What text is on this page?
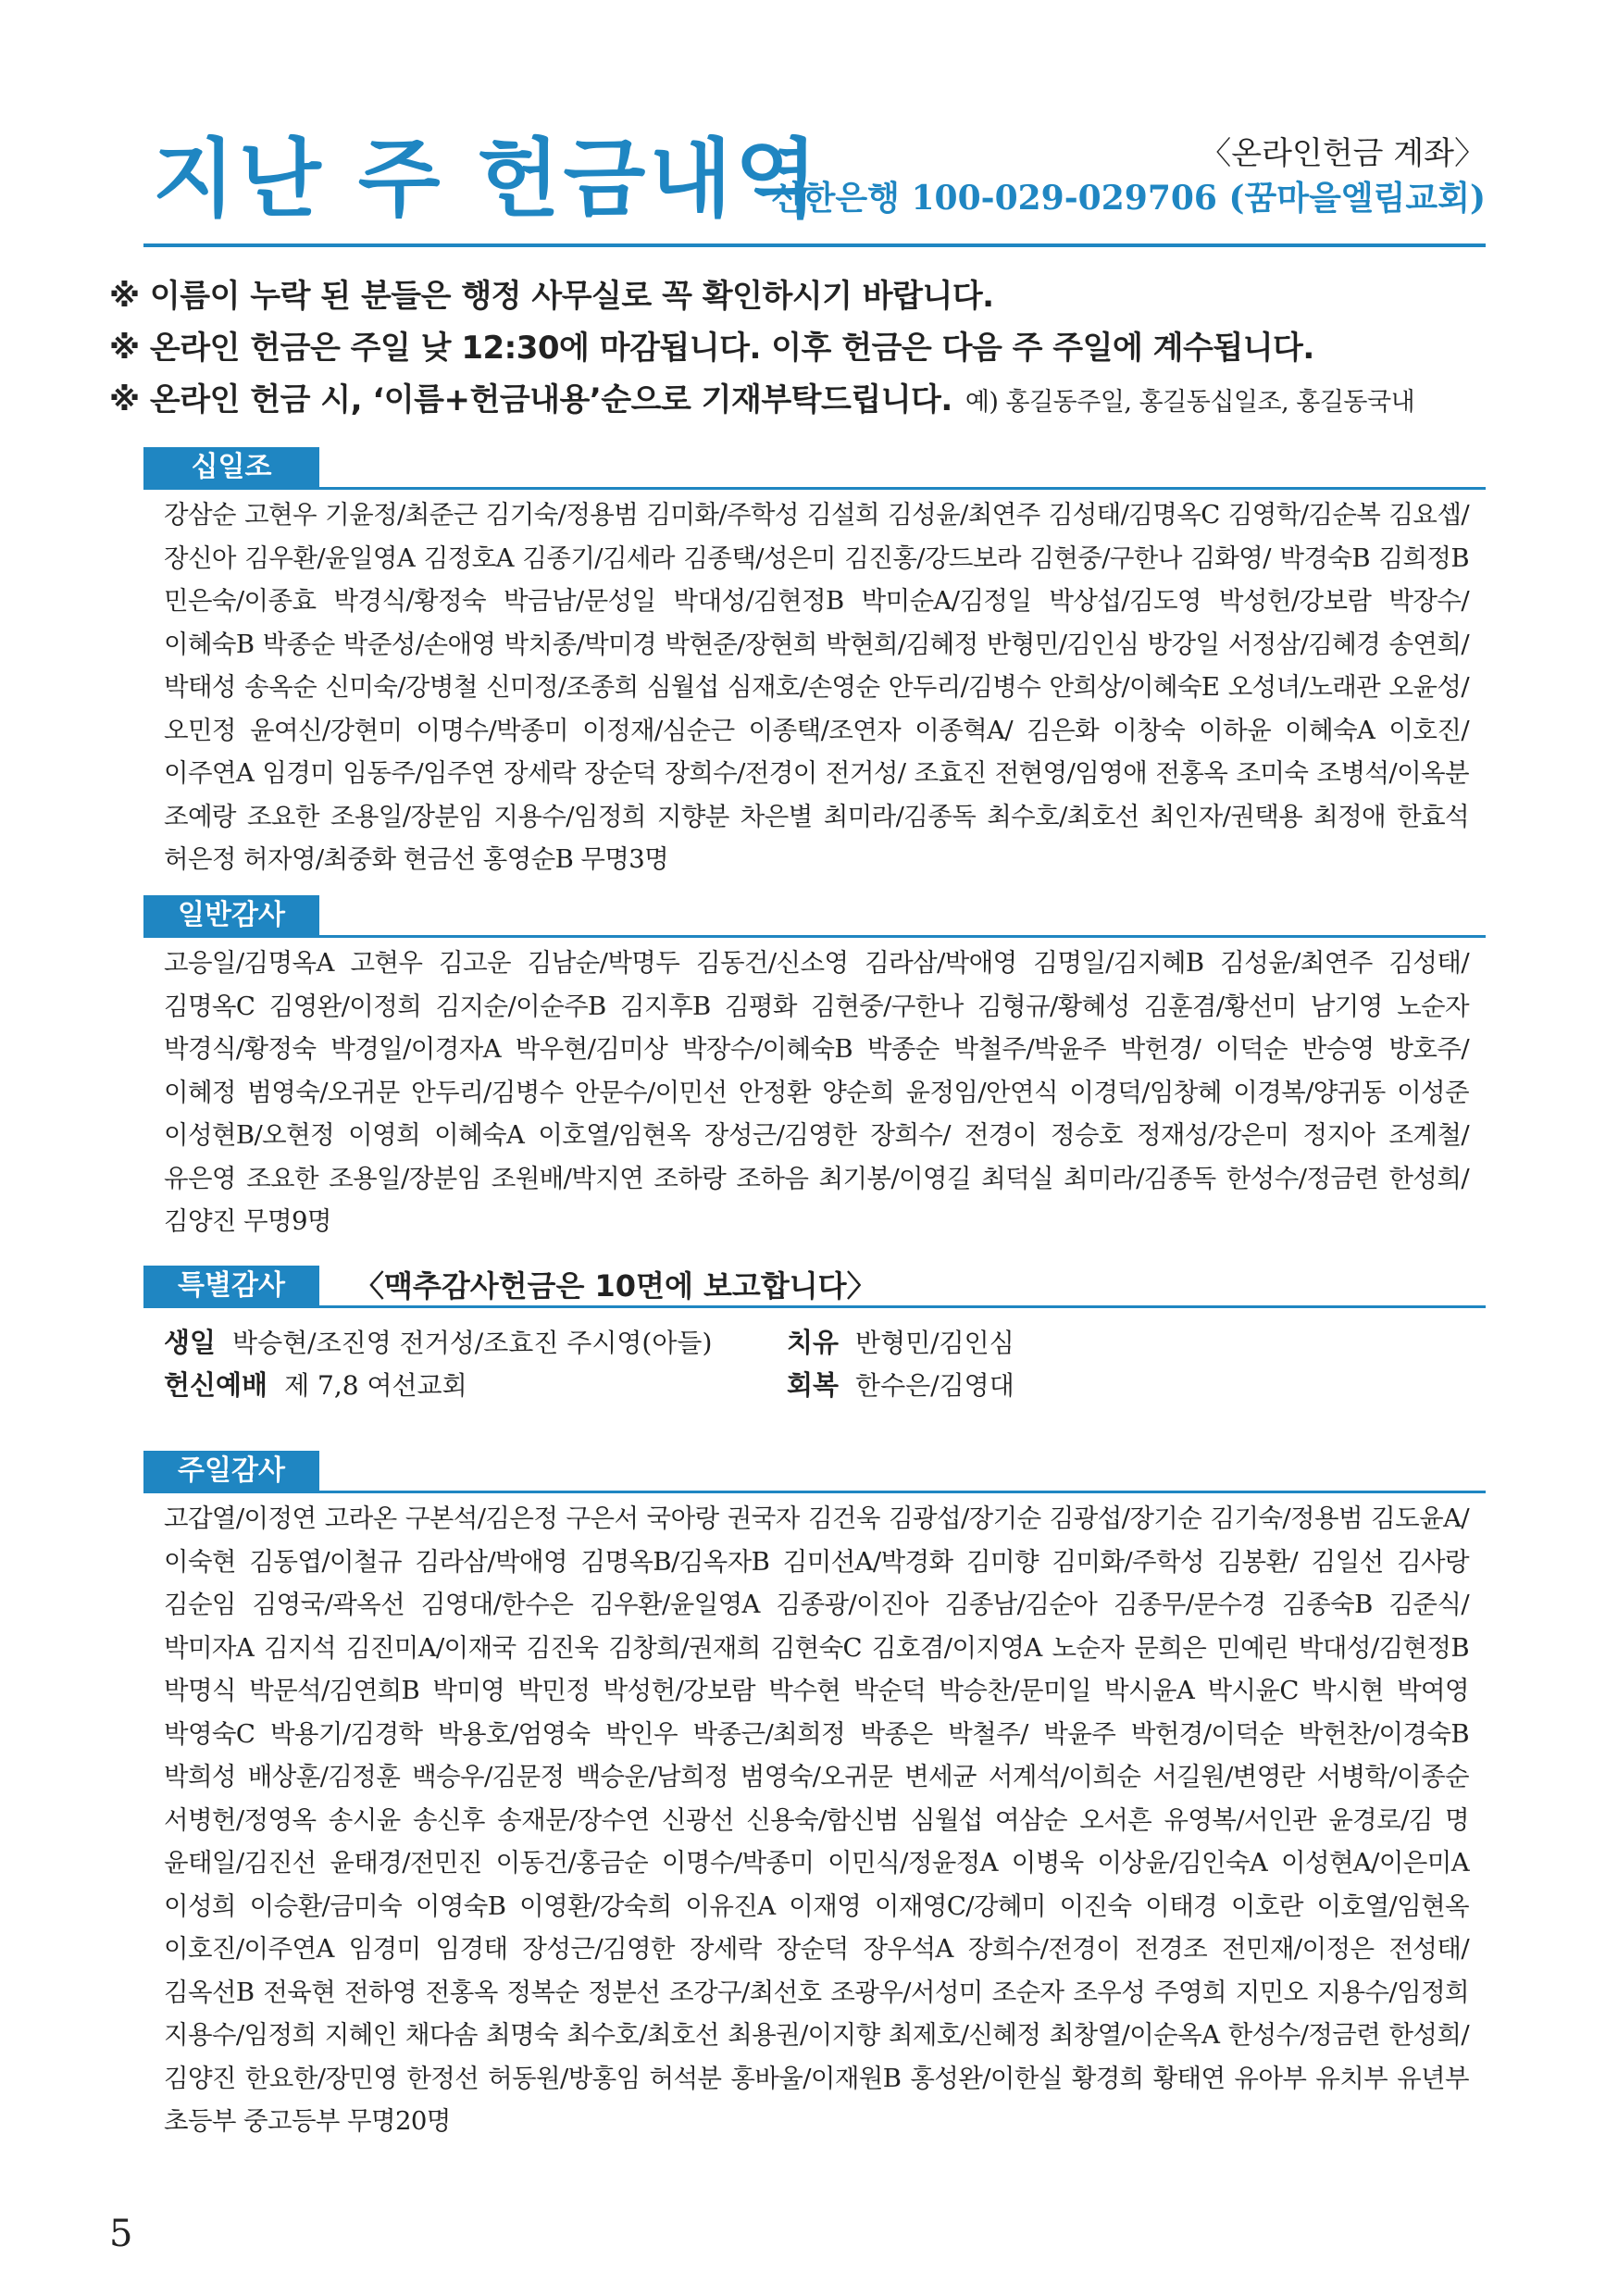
지난 주 헌금내역	〈온라인헌금 계좌〉
신한은행 100-029-029706 (꿈마을엘림교회)
※ 이름이 누락 된 분들은 행정 사무실로 꼭 확인하시기 바랍니다.
※ 온라인 헌금은 주일 낮 12:30에 마감됩니다. 이후 헌금은 다음 주 주일에 계수됩니다.
※ 온라인 헌금 시, ‘이름+헌금내용’순으로 기재부탁드립니다. 예) 홍길동주일, 홍길동십일조, 홍길동국내
십일조
강삼순 고현우 기윤정/최준근 김기숙/정용범 김미화/주학성 김설희 김성윤/최연주 김성태/김명옥C 김영학/김순복 김요셉/장신아 김우환/윤일영A 김정호A 김종기/김세라 김종택/성은미 김진홍/강드보라 김현중/구한나 김화영/ 박경숙B 김희정B 민은숙/이종효 박경식/황정숙 박금남/문성일 박대성/김현정B 박미순A/김정일 박상섭/김도영 박성헌/강보람 박장수/이혜숙B 박종순 박준성/손애영 박치종/박미경 박현준/장현희 박현희/김혜정 반형민/김인심 방강일 서정삼/김혜경 송연희/박태성 송옥순 신미숙/강병철 신미정/조종희 심월섭 심재호/손영순 안두리/김병수 안희상/이혜숙E 오성녀/노래관 오윤성/오민정 윤여신/강현미 이명수/박종미 이정재/심순근 이종택/조연자 이종혁A/ 김은화 이창숙 이하윤 이혜숙A 이호진/이주연A 임경미 임동주/임주연 장세락 장순덕 장희수/전경이 전거성/ 조효진 전현영/임영애 전홍옥 조미숙 조병석/이옥분 조예랑 조요한 조용일/장분임 지용수/임정희 지향분 차은별 최미라/김종독 최수호/최호선 최인자/권택용 최정애 한효석 허은정 허자영/최중화 현금선 홍영순B 무명3명
일반감사
고응일/김명옥A 고현우 김고운 김남순/박명두 김동건/신소영 김라삼/박애영 김명일/김지혜B 김성윤/최연주 김성태/김명옥C 김영완/이정희 김지순/이순주B 김지후B 김평화 김현중/구한나 김형규/황혜성 김훈겸/황선미 남기영 노순자 박경식/황정숙 박경일/이경자A 박우현/김미상 박장수/이혜숙B 박종순 박철주/박윤주 박헌경/ 이덕순 반승영 방호주/이혜정 범영숙/오귀문 안두리/김병수 안문수/이민선 안정환 양순희 윤정임/안연식 이경덕/임창혜 이경복/양귀동 이성준 이성현B/오현정 이영희 이혜숙A 이호열/임현옥 장성근/김영한 장희수/ 전경이 정승호 정재성/강은미 정지아 조계철/유은영 조요한 조용일/장분임 조원배/박지연 조하랑 조하음 최기봉/이영길 최덕실 최미라/김종독 한성수/정금련 한성희/김양진 무명9명
특별감사	〈맥추감사헌금은 10면에 보고합니다〉
생일 박승현/조진영 전거성/조효진 주시영(아들)	치유 반형민/김인심
헌신예배 제 7,8 여선교회	회복 한수은/김영대
주일감사
고갑열/이정연 고라온 구본석/김은정 구은서 국아랑 권국자 김건욱 김광섭/장기순 김광섭/장기순 김기숙/정용범 김도윤A/이숙현 김동엽/이철규 김라삼/박애영 김명옥B/김옥자B 김미선A/박경화 김미향 김미화/주학성 김봉환/ 김일선 김사랑 김순임 김영국/곽옥선 김영대/한수은 김우환/윤일영A 김종광/이진아 김종남/김순아 김종무/문수경 김종숙B 김준식/박미자A 김지석 김진미A/이재국 김진욱 김창희/권재희 김현숙C 김호겸/이지영A 노순자 문희은 민예린 박대성/김현정B 박명식 박문석/김연희B 박미영 박민정 박성헌/강보람 박수현 박순덕 박승찬/문미일 박시윤A 박시윤C 박시현 박여영 박영숙C 박용기/김경학 박용호/엄영숙 박인우 박종근/최희정 박종은 박철주/ 박윤주 박헌경/이덕순 박헌찬/이경숙B 박희성 배상훈/김정훈 백승우/김문정 백승운/남희정 범영숙/오귀문 변세균 서계석/이희순 서길원/변영란 서병학/이종순 서병헌/정영옥 송시윤 송신후 송재문/장수연 신광선 신용숙/함신범 심월섭 여삼순 오서흔 유영복/서인관 윤경로/김 명 윤태일/김진선 윤태경/전민진 이동건/홍금순 이명수/박종미 이민식/정윤정A 이병욱 이상윤/김인숙A 이성현A/이은미A 이성희 이승환/금미숙 이영숙B 이영환/강숙희 이유진A 이재영 이재영C/강혜미 이진숙 이태경 이호란 이호열/임현옥 이호진/이주연A 임경미 임경태 장성근/김영한 장세락 장순덕 장우석A 장희수/전경이 전경조 전민재/이정은 전성태/김옥선B 전육현 전하영 전홍옥 정복순 정분선 조강구/최선호 조광우/서성미 조순자 조우성 주영희 지민오 지용수/임정희 지용수/임정희 지혜인 채다솜 최명숙 최수호/최호선 최용권/이지향 최제호/신혜정 최창열/이순옥A 한성수/정금련 한성희/김양진 한요한/장민영 한정선 허동원/방홍임 허석분 홍바울/이재원B 홍성완/이한실 황경희 황태연 유아부 유치부 유년부 초등부 중고등부 무명20명
5
